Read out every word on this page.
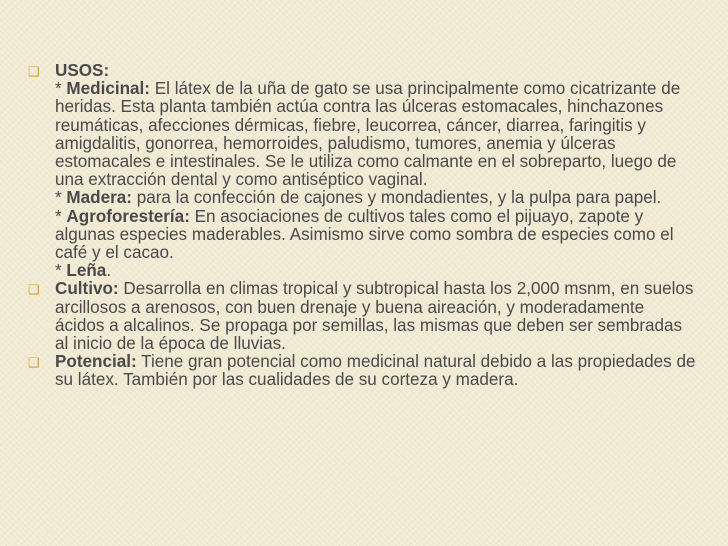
❑ USOS:
* Medicinal: El látex de la uña de gato se usa principalmente como cicatrizante de heridas. Esta planta también actúa contra las úlceras estomacales, hinchazones reumáticas, afecciones dérmicas, fiebre, leucorrea, cáncer, diarrea, faringitis y amigdalitis, gonorrea, hemorroides, paludismo, tumores, anemia y úlceras estomacales e intestinales. Se le utiliza como calmante en el sobreparto, luego de una extracción dental y como antiséptico vaginal.
* Madera: para la confección de cajones y mondadientes, y la pulpa para papel.
* Agroforestería: En asociaciones de cultivos tales como el pijuayo, zapote y algunas especies maderables. Asimismo sirve como sombra de especies como el café y el cacao.
* Leña.
❑ Cultivo: Desarrolla en climas tropical y subtropical hasta los 2,000 msnm, en suelos arcillosos a arenosos, con buen drenaje y buena aireación, y moderadamente ácidos a alcalinos. Se propaga por semillas, las mismas que deben ser sembradas al inicio de la época de lluvias.
❑ Potencial: Tiene gran potencial como medicinal natural debido a las propiedades de su látex. También por las cualidades de su corteza y madera.
